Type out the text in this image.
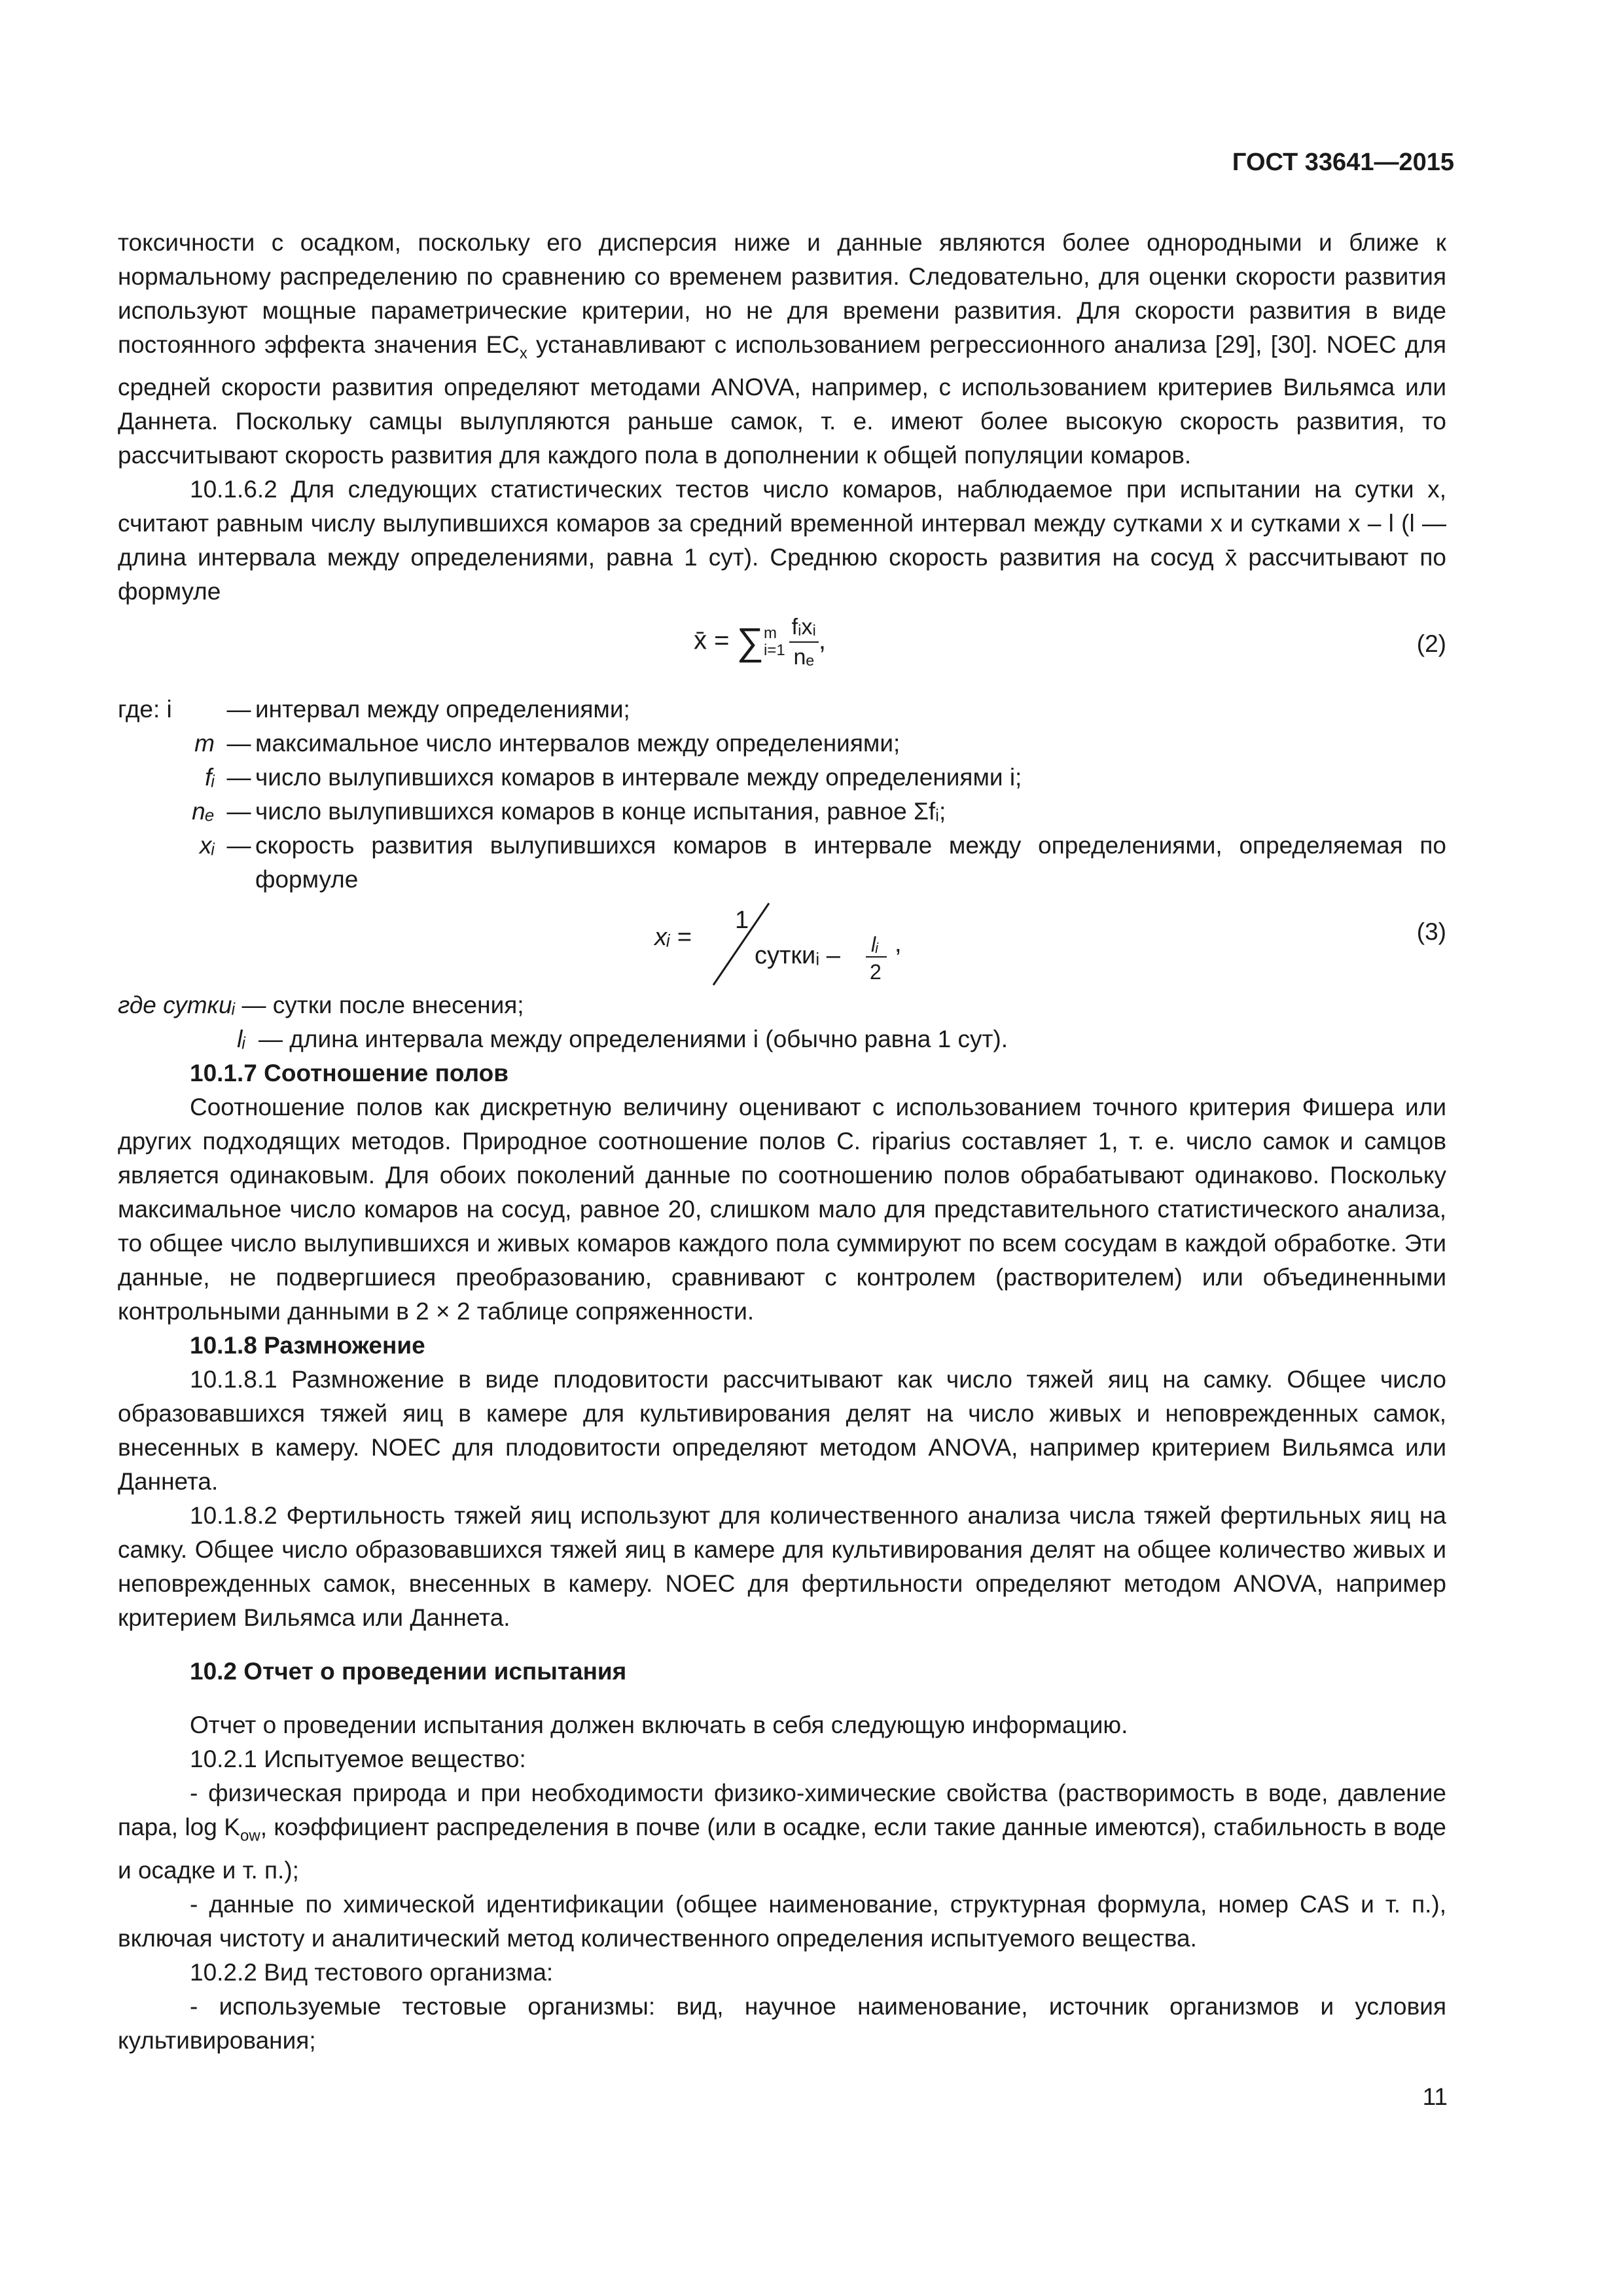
ГОСТ 33641—2015

токсичности с осадком, поскольку его дисперсия ниже и данные являются более однородными и ближе к нормальному распределению по сравнению со временем развития. Следовательно, для оценки скорости развития используют мощные параметрические критерии, но не для времени развития. Для скорости развития в виде постоянного эффекта значения $EC_x$ устанавливают с использованием регрессионного анализа [29], [30]. NOEC для средней скорости развития определяют методами ANOVA, например, с использованием критериев Вильямса или Даннета. Поскольку самцы вылупляются раньше самок, т. е. имеют более высокую скорость развития, то рассчитывают скорость развития для каждого пола в дополнении к общей популяции комаров.

10.1.6.2 Для следующих статистических тестов число комаров, наблюдаемое при испытании на сутки x, считают равным числу вылупившихся комаров за средний временной интервал между сутками x и сутками x – l (l — длина интервала между определениями, равна 1 сут). Среднюю скорость развития на сосуд x̄ рассчитывают по формуле

x̄ = ∑ m
$i=1 \frac{\text{fᵢxᵢ}}{\text{nₑ}}$ ,	(2)
где: i	— интервал между определениями;
m — максимальное число интервалов между определениями;
fᵢ — число вылупившихся комаров в интервале между определениями i;
nₑ — число вылупившихся комаров в конце испытания, равное Σfᵢ;
xᵢ — скорость развития вылупившихся комаров в интервале между определениями, определяемая по формуле
xᵢ =
1
суткиᵢ – lᵢ
2
,	(3)
где суткиᵢ
— сутки после внесения;
lᵢ — длина интервала между определениями i (обычно равна 1 сут).

10.1.7 Соотношение полов

Соотношение полов как дискретную величину оценивают с использованием точного критерия Фишера или других подходящих методов. Природное соотношение полов C. riparius составляет 1, т. е. число самок и самцов является одинаковым. Для обоих поколений данные по соотношению полов обрабатывают одинаково. Поскольку максимальное число комаров на сосуд, равное 20, слишком мало для представительного статистического анализа, то общее число вылупившихся и живых комаров каждого пола суммируют по всем сосудам в каждой обработке. Эти данные, не подвергшиеся преобразованию, сравнивают с контролем (растворителем) или объединенными контрольными данными в 2 × 2 таблице сопряженности.

10.1.8 Размножение

10.1.8.1 Размножение в виде плодовитости рассчитывают как число тяжей яиц на самку. Общее число образовавшихся тяжей яиц в камере для культивирования делят на число живых и неповрежденных самок, внесенных в камеру. NOEC для плодовитости определяют методом ANOVA, например критерием Вильямса или Даннета.

10.1.8.2 Фертильность тяжей яиц используют для количественного анализа числа тяжей фертильных яиц на самку. Общее число образовавшихся тяжей яиц в камере для культивирования делят на общее количество живых и неповрежденных самок, внесенных в камеру. NOEC для фертильности определяют методом ANOVA, например критерием Вильямса или Даннета.

10.2 Отчет о проведении испытания

Отчет о проведении испытания должен включать в себя следующую информацию.

10.2.1 Испытуемое вещество:

- физическая природа и при необходимости физико-химические свойства (растворимость в воде, давление пара, $\log K_{ow}$, коэффициент распределения в почве (или в осадке, если такие данные имеются), стабильность в воде и осадке и т. п.);

- данные по химической идентификации (общее наименование, структурная формула, номер CAS и т. п.), включая чистоту и аналитический метод количественного определения испытуемого вещества.

10.2.2 Вид тестового организма:

- используемые тестовые организмы: вид, научное наименование, источник организмов и условия культивирования;

11
